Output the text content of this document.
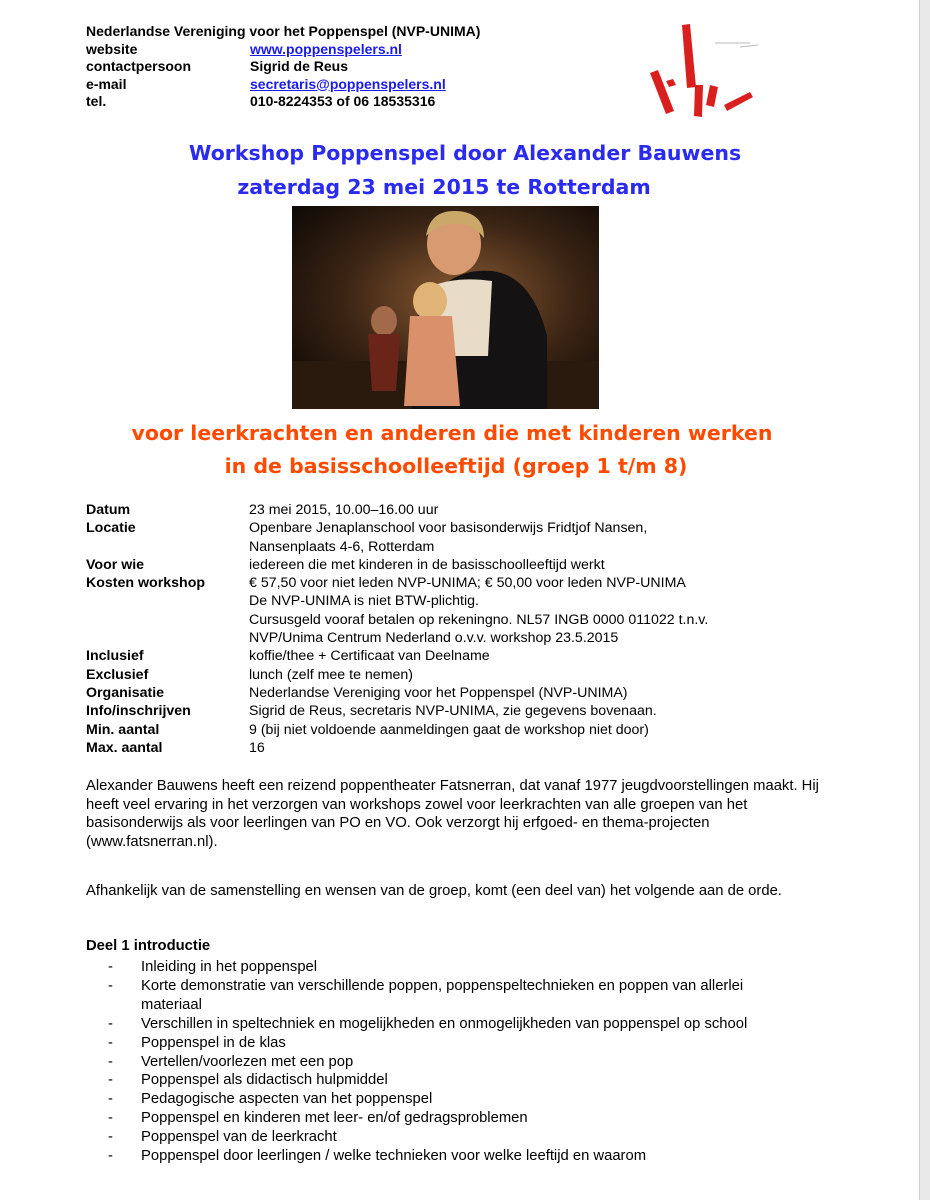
Nederlandse Vereniging voor het Poppenspel (NVP-UNIMA)
website	www.poppenspelers.nl
contactpersoon	Sigrid de Reus
e-mail	secretaris@poppenspelers.nl
tel.	010-8224353 of 06 18535316
Workshop Poppenspel door Alexander Bauwens
zaterdag 23 mei 2015 te Rotterdam
voor leerkrachten en anderen die met kinderen werken
in de basisschoolleeftijd (groep 1 t/m 8)
Datum	23 mei 2015, 10.00–16.00 uur
Locatie	Openbare Jenaplanschool voor basisonderwijs Fridtjof Nansen,
Nansenplaats 4-6, Rotterdam
Voor wie	iedereen die met kinderen in de basisschoolleeftijd werkt
Kosten workshop	€ 57,50 voor niet leden NVP-UNIMA; € 50,00 voor leden NVP-UNIMA
De NVP-UNIMA is niet BTW-plichtig.
Cursusgeld vooraf betalen op rekeningno. NL57 INGB 0000 011022 t.n.v.
NVP/Unima Centrum Nederland o.v.v. workshop 23.5.2015
Inclusief	koffie/thee + Certificaat van Deelname
Exclusief	lunch (zelf mee te nemen)
Organisatie	Nederlandse Vereniging voor het Poppenspel (NVP-UNIMA)
Info/inschrijven	Sigrid de Reus, secretaris NVP-UNIMA, zie gegevens bovenaan.
Min. aantal	9 (bij niet voldoende aanmeldingen gaat de workshop niet door)
Max. aantal	16
Alexander Bauwens heeft een reizend poppentheater Fatsnerran, dat vanaf 1977 jeugdvoorstellingen maakt. Hij heeft veel ervaring in het verzorgen van workshops zowel voor leerkrachten van alle groepen van het basisonderwijs als voor leerlingen van PO en VO. Ook verzorgt hij erfgoed- en thema-projecten (www.fatsnerran.nl).
Afhankelijk van de samenstelling en wensen van de groep, komt (een deel van) het volgende aan de orde.
Deel 1 introductie
-	Inleiding in het poppenspel
-	Korte demonstratie van verschillende poppen, poppenspeltechnieken en poppen van allerlei materiaal
-	Verschillen in speltechniek en mogelijkheden en onmogelijkheden van poppenspel op school
-	Poppenspel in de klas
-	Vertellen/voorlezen met een pop
-	Poppenspel als didactisch hulpmiddel
-	Pedagogische aspecten van het poppenspel
-	Poppenspel en kinderen met leer- en/of gedragsproblemen
-	Poppenspel van de leerkracht
-	Poppenspel door leerlingen / welke technieken voor welke leeftijd en waarom
